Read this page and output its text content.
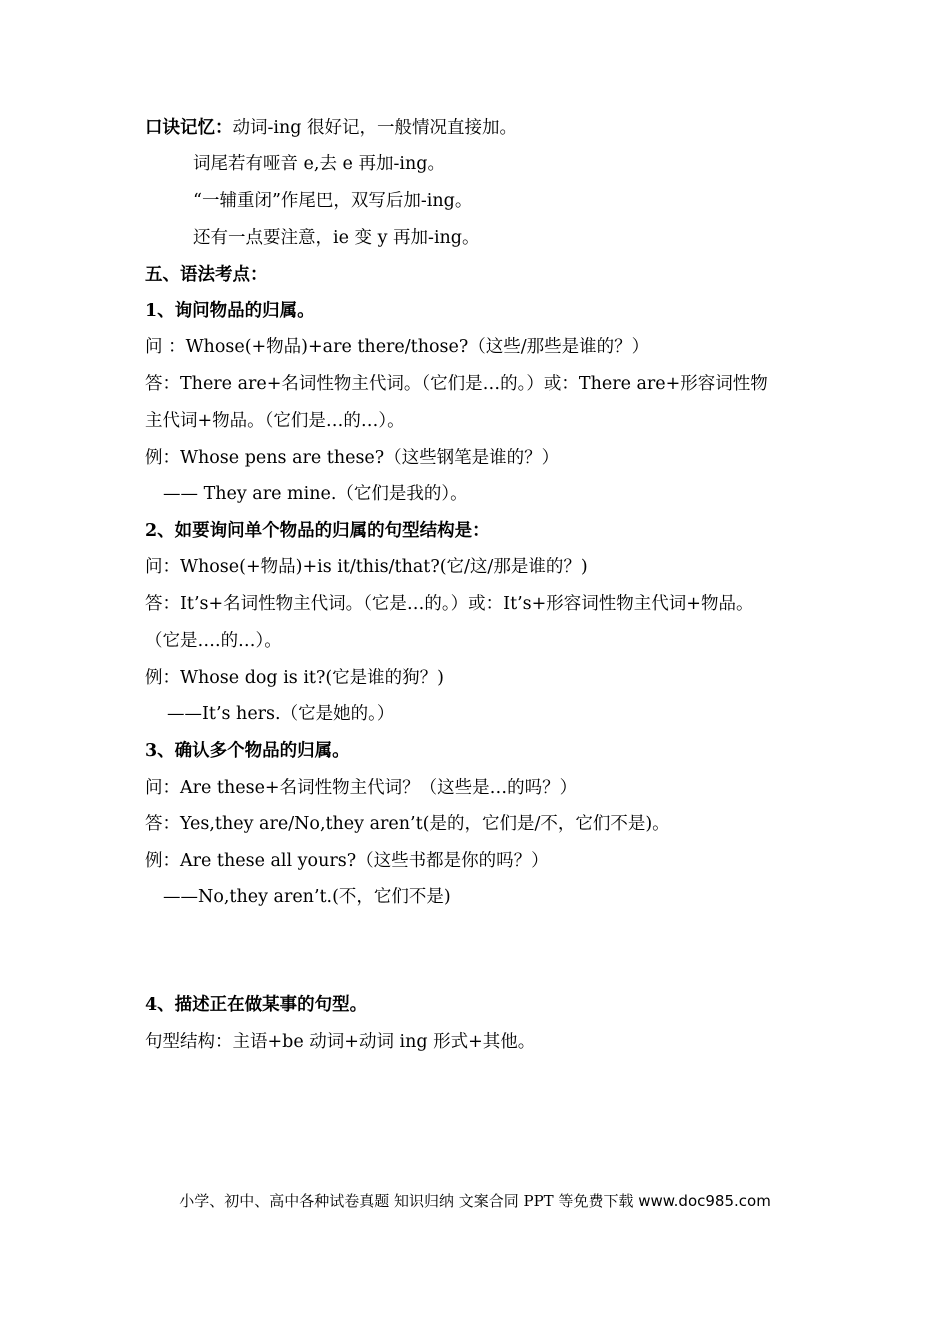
口诀记忆：动词-ing 很好记，一般情况直接加。
词尾若有哑音 e,去 e 再加-ing。
“一辅重闭”作尾巴，双写后加-ing。
还有一点要注意，ie 变 y 再加-ing。
五、语法考点：
1、询问物品的归属。
问 ：Whose(+物品)+are there/those?（这些/那些是谁的？）
答：There are+名词性物主代词。（它们是…的。）或：There are+形容词性物
主代词+物品。（它们是…的…）。
例：Whose pens are these?（这些钢笔是谁的？）
—— They are mine.（它们是我的）。
2、如要询问单个物品的归属的句型结构是：
问：Whose(+物品)+is it/this/that?(它/这/那是谁的？)
答：It’s+名词性物主代词。（它是…的。）或：It’s+形容词性物主代词+物品。
（它是….的…）。
例：Whose dog is it?(它是谁的狗？)
——It’s hers.（它是她的。）
3、确认多个物品的归属。
问：Are these+名词性物主代词？（这些是…的吗？）
答：Yes,they are/No,they aren’t(是的，它们是/不，它们不是)。
例：Are these all yours?（这些书都是你的吗？）
——No,they aren’t.(不，它们不是)
4、描述正在做某事的句型。
句型结构：主语+be 动词+动词 ing 形式+其他。
小学、初中、高中各种试卷真题 知识归纳 文案合同 PPT 等免费下载 www.doc985.com
